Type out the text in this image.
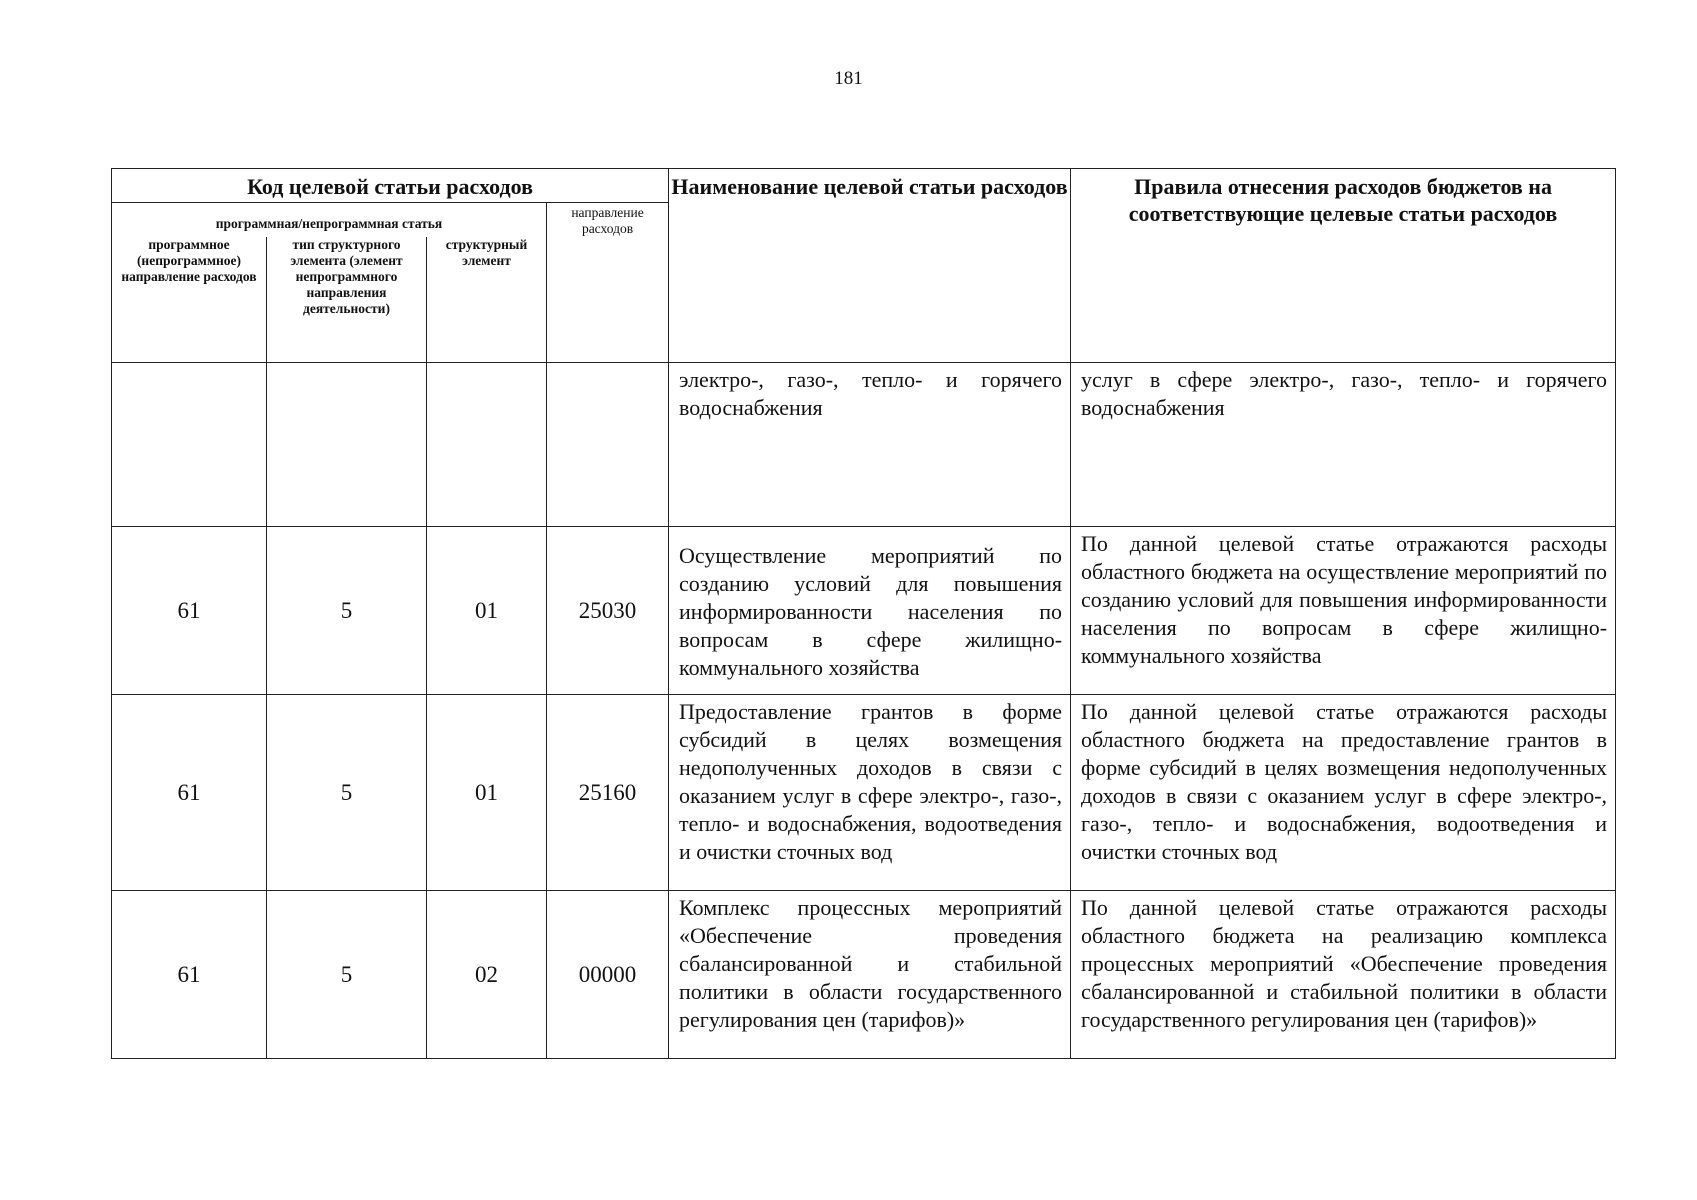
181
Код целевой статьи расходов				Наименование целевой статьи расходов	Правила отнесения расходов бюджетов на соответствующие целевые статьи расходов
программная/непрограммная статья			направление расходов		
программное (непрограммное) направление расходов	тип структурного элемента (элемент непрограммного направления деятельности)	структурный элемент			
				электро-, газо-, тепло- и горячего водоснабжения	услуг в сфере электро-, газо-, тепло- и горячего водоснабжения
61	5	01	25030	Осуществление мероприятий по созданию условий для повышения информированности населения по вопросам в сфере жилищно-коммунального хозяйства	По данной целевой статье отражаются расходы областного бюджета на осуществление мероприятий по созданию условий для повышения информированности населения по вопросам в сфере жилищно-коммунального хозяйства
61	5	01	25160	Предоставление грантов в форме субсидий в целях возмещения недополученных доходов в связи с оказанием услуг в сфере электро-, газо-, тепло- и водоснабжения, водоотведения и очистки сточных вод	По данной целевой статье отражаются расходы областного бюджета на предоставление грантов в форме субсидий в целях возмещения недополученных доходов в связи с оказанием услуг в сфере электро-, газо-, тепло- и водоснабжения, водоотведения и очистки сточных вод
61	5	02	00000	Комплекс процессных мероприятий «Обеспечение проведения сбалансированной и стабильной политики в области государственного регулирования цен (тарифов)»	По данной целевой статье отражаются расходы областного бюджета на реализацию комплекса процессных мероприятий «Обеспечение проведения сбалансированной и стабильной политики в области государственного регулирования цен (тарифов)»
